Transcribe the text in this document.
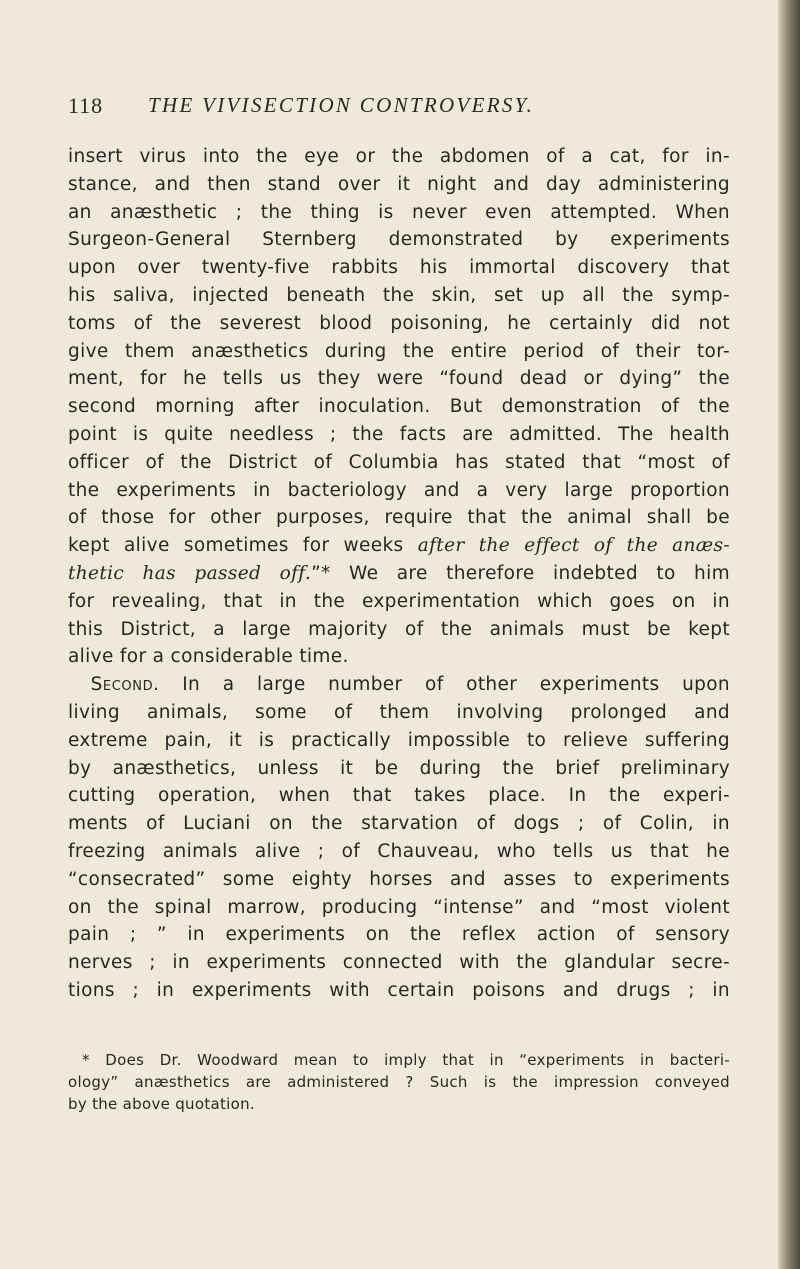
118 THE VIVISECTION CONTROVERSY.
insert virus into the eye or the abdomen of a cat, for in-
stance, and then stand over it night and day administering
an anæsthetic ; the thing is never even attempted. When
Surgeon-General Sternberg demonstrated by experiments
upon over twenty-five rabbits his immortal discovery that
his saliva, injected beneath the skin, set up all the symp-
toms of the severest blood poisoning, he certainly did not
give them anæsthetics during the entire period of their tor-
ment, for he tells us they were “found dead or dying” the
second morning after inoculation. But demonstration of the
point is quite needless ; the facts are admitted. The health
officer of the District of Columbia has stated that “most of
the experiments in bacteriology and a very large proportion
of those for other purposes, require that the animal shall be
kept alive sometimes for weeks after the effect of the anæs-
thetic has passed off.”* We are therefore indebted to him
for revealing, that in the experimentation which goes on in
this District, a large majority of the animals must be kept
alive for a considerable time.
Second. In a large number of other experiments upon
living animals, some of them involving prolonged and
extreme pain, it is practically impossible to relieve suffering
by anæsthetics, unless it be during the brief preliminary
cutting operation, when that takes place. In the experi-
ments of Luciani on the starvation of dogs ; of Colin, in
freezing animals alive ; of Chauveau, who tells us that he
“consecrated” some eighty horses and asses to experiments
on the spinal marrow, producing “intense” and “most violent
pain ; ” in experiments on the reflex action of sensory
nerves ; in experiments connected with the glandular secre-
tions ; in experiments with certain poisons and drugs ; in
* Does Dr. Woodward mean to imply that in “experiments in bacteri-
ology” anæsthetics are administered ? Such is the impression conveyed
by the above quotation.
